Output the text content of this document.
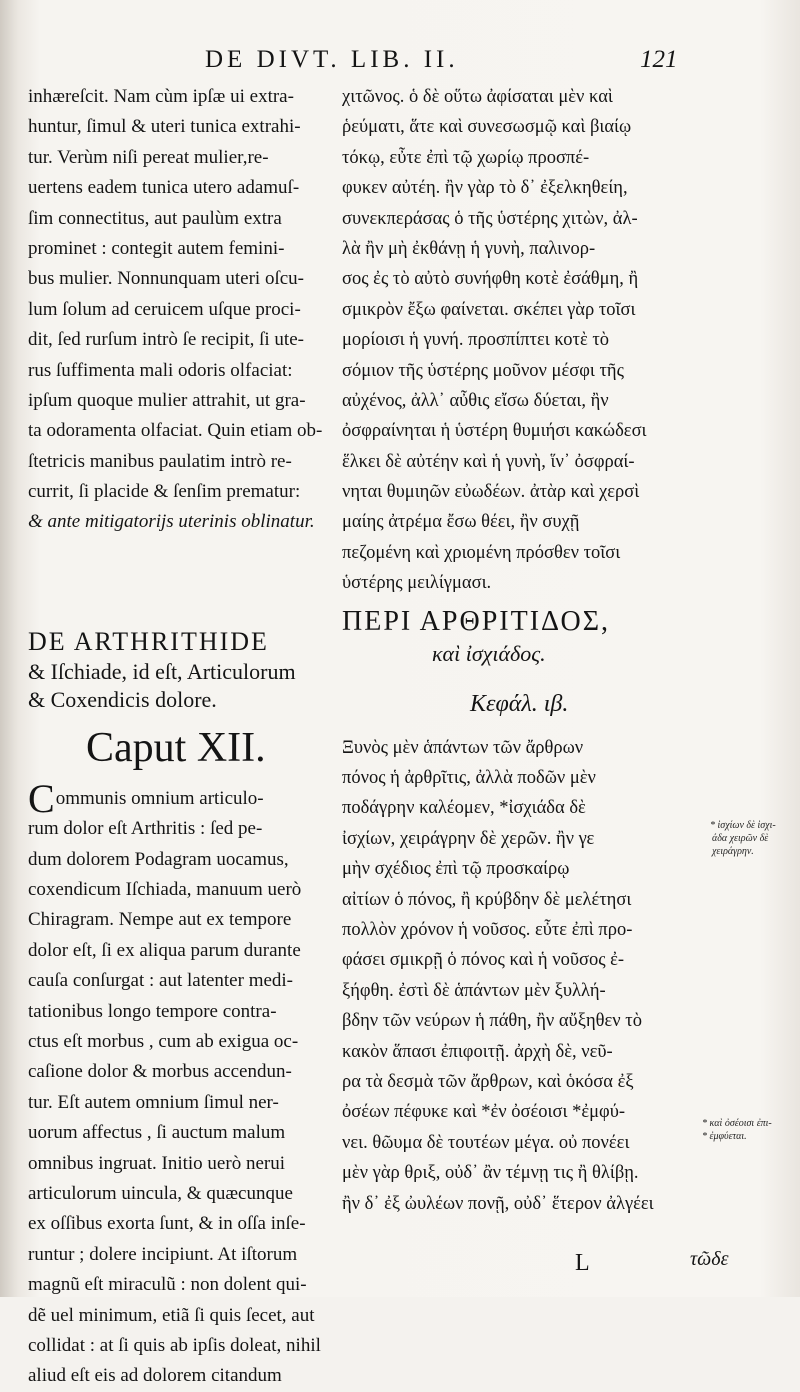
DE DIVT. LIB. II.	121
inhæreſcit. Nam cùm ipſæ ui extra-
huntur, ſimul & uteri tunica extrahi-
tur. Verùm niſi pereat mulier,re-
uertens eadem tunica utero adamuſ-
ſim connectitus, aut paulùm extra
prominet : contegit autem femini-
bus mulier. Nonnunquam uteri oſcu-
lum ſolum ad ceruicem uſque proci-
dit, ſed rurſum intrò ſe recipit, ſi ute-
rus ſuffimenta mali odoris olfaciat:
ipſum quoque mulier attrahit, ut gra-
ta odoramenta olfaciat. Quin etiam ob-
ſtetricis manibus paulatim intrò re-
currit, ſi placide & ſenſim prematur:
& ante mitigatorijs uterinis oblinatur.
DE ARTHRITHIDE
& Iſchiade, id eſt, Articulorum
& Coxendicis dolore.
Caput XII.
Communis omnium articulo-
rum dolor eſt Arthritis : ſed pe-
dum dolorem Podagram uocamus,
coxendicum Iſchiada, manuum uerò
Chiragram. Nempe aut ex tempore
dolor eſt, ſi ex aliqua parum durante
cauſa conſurgat : aut latenter medi-
tationibus longo tempore contra-
ctus eſt morbus , cum ab exigua oc-
caſione dolor & morbus accendun-
tur. Eſt autem omnium ſimul ner-
uorum affectus , ſi auctum malum
omnibus ingruat. Initio uerò nerui
articulorum uincula, & quæcunque
ex oſſibus exorta ſunt, & in oſſa inſe-
runtur ; dolere incipiunt. At iſtorum
magnũ eſt miraculũ : non dolent qui-
dẽ uel minimum, etiã ſi quis ſecet, aut
collidat : at ſi quis ab ipſis doleat, nihil
aliud eſt eis ad dolorem citandum
χιτῶνος. ὁ δὲ οὕτω ἀφίσαται μὲν καὶ
ῥεύματι, ἅτε καὶ συνεσωσμῷ καὶ βιαίῳ
τόκῳ, εὖτε ἐπὶ τῷ χωρίῳ προσπέ-
φυκεν αὐτέη. ἢν γὰρ τὸ δ᾽ ἐξελκηθείη,
συνεκπεράσας ὁ τῆς ὑστέρης χιτὼν, ἀλ-
λὰ ἢν μὴ ἐκθάνῃ ἡ γυνὴ, παλινορ-
σος ἐς τὸ αὐτὸ συνήφθη κοτὲ ἐσάθμη, ἢ
σμικρὸν ἔξω φαίνεται. σκέπει γὰρ τοῖσι
μορίοισι ἡ γυνή. προσπίπτει κοτὲ τὸ
σόμιον τῆς ὑστέρης μοῦνον μέσφι τῆς
αὐχένος, ἀλλ᾽ αὖθις εἴσω δύεται, ἢν
ὀσφραίνηται ἡ ὑστέρη θυμιήσι κακώδεσι
ἕλκει δὲ αὐτέην καὶ ἡ γυνὴ, ἵν᾽ ὀσφραί-
νηται θυμιηῶν εὐωδέων. ἀτὰρ καὶ χερσὶ
μαίης ἀτρέμα ἔσω θέει, ἢν συχῇ
πεζομένη καὶ χριομένη πρόσθεν τοῖσι
ὑστέρης μειλίγμασι.
ΠΕΡΙ ΑΡΘΡΙΤΙΔΟΣ,
καὶ ἰσχιάδος.
Κεφάλ. ιβ.
Ξυνὸς μὲν ἁπάντων τῶν ἄρθρων
πόνος ἡ ἀρθρῖτις, ἀλλὰ ποδῶν μὲν
ποδάγρην καλέομεν, *ἰσχιάδα δὲ
ἰσχίων, χειράγρην δὲ χερῶν. ἢν γε
μὴν σχέδιος ἐπὶ τῷ προσκαίρῳ
αἰτίων ὁ πόνος, ἢ κρύβδην δὲ μελέτησι
πολλὸν χρόνον ἡ νοῦσος. εὖτε ἐπὶ προ-
φάσει σμικρῇ ὁ πόνος καὶ ἡ νοῦσος ἐ-
ξήφθη. ἐστὶ δὲ ἁπάντων μὲν ξυλλή-
βδην τῶν νεύρων ἡ πάθη, ἢν αὔξηθεν τὸ
κακὸν ἅπασι ἐπιφοιτῇ. ἀρχὴ δὲ, νεῦ-
ρα τὰ δεσμὰ τῶν ἄρθρων, καὶ ὁκόσα ἐξ
ὀσέων πέφυκε καὶ *ἐν ὀσέοισι *ἐμφύ-
νει. θῶυμα δὲ τουτέων μέγα. οὐ πονέει
μὲν γὰρ θριξ, οὐδ᾽ ἂν τέμνῃ τις ἢ θλίβῃ.
ἢν δ᾽ ἐξ ὠυλέων πονῇ, οὐδ᾽ ἕτερον ἀλγέει
* ἰσχίων δὲ ἰσχι-
άδα χειρῶν δὲ
χειράγρην.
* καὶ ὀσέοισι ἐπι-
* ἐμφύεται.
L	τῶδε
